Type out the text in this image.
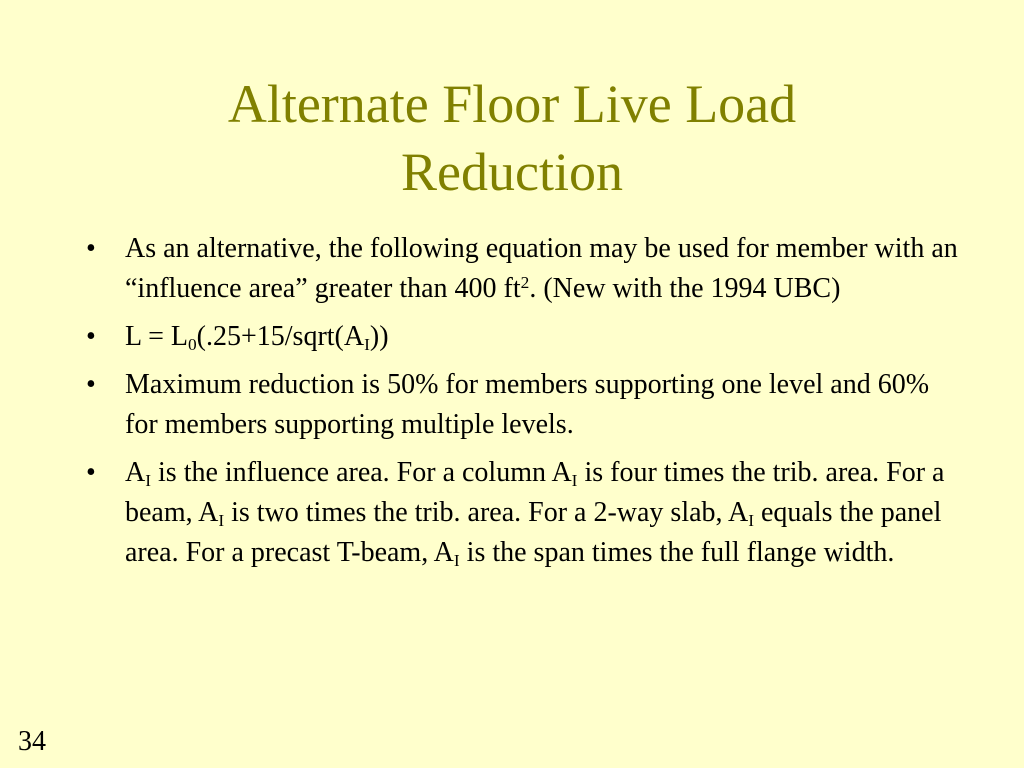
Alternate Floor Live Load
Reduction
• As an alternative, the following equation may be used for member with an “influence area” greater than 400 $ft^2$. (New with the 1994 UBC)
• $L = L_0(.25+15/sqrt(A_I))$
• Maximum reduction is 50% for members supporting one level and 60% for members supporting multiple levels.
• $A_I$ is the influence area. For a column $A_I$ is four times the trib. area. For a beam, $A_I$ is two times the trib. area. For a 2-way slab, $A_I$ equals the panel area. For a precast T-beam, $A_I$ is the span times the full flange width.
34
